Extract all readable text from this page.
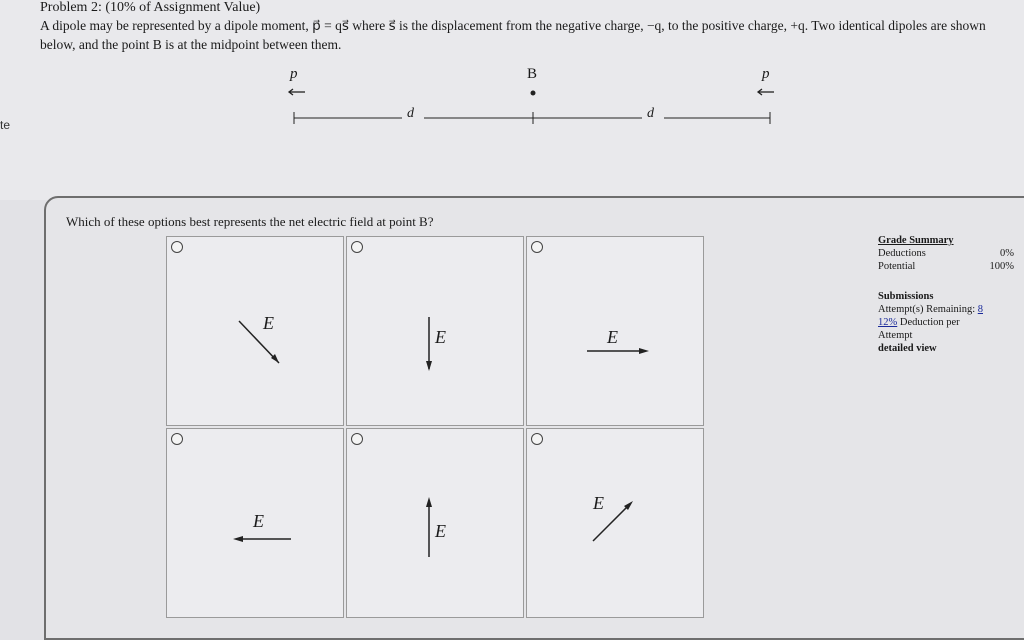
Problem 2: (10% of Assignment Value)
A dipole may be represented by a dipole moment, p⃗ = qs⃗ where s⃗ is the displacement from the negative charge, −q, to the positive charge, +q. Two identical dipoles are shown below, and the point B is at the midpoint between them.
te
p⃗	p⃗
B
d	d
Which of these options best represents the net electric field at point B?
E⃗
E⃗	E⃗
E⃗	E⃗
E⃗
Grade Summary
Deductions	0%
Potential	100%
Submissions
Attempt(s) Remaining: 8
12% Deduction per
Attempt
detailed view
